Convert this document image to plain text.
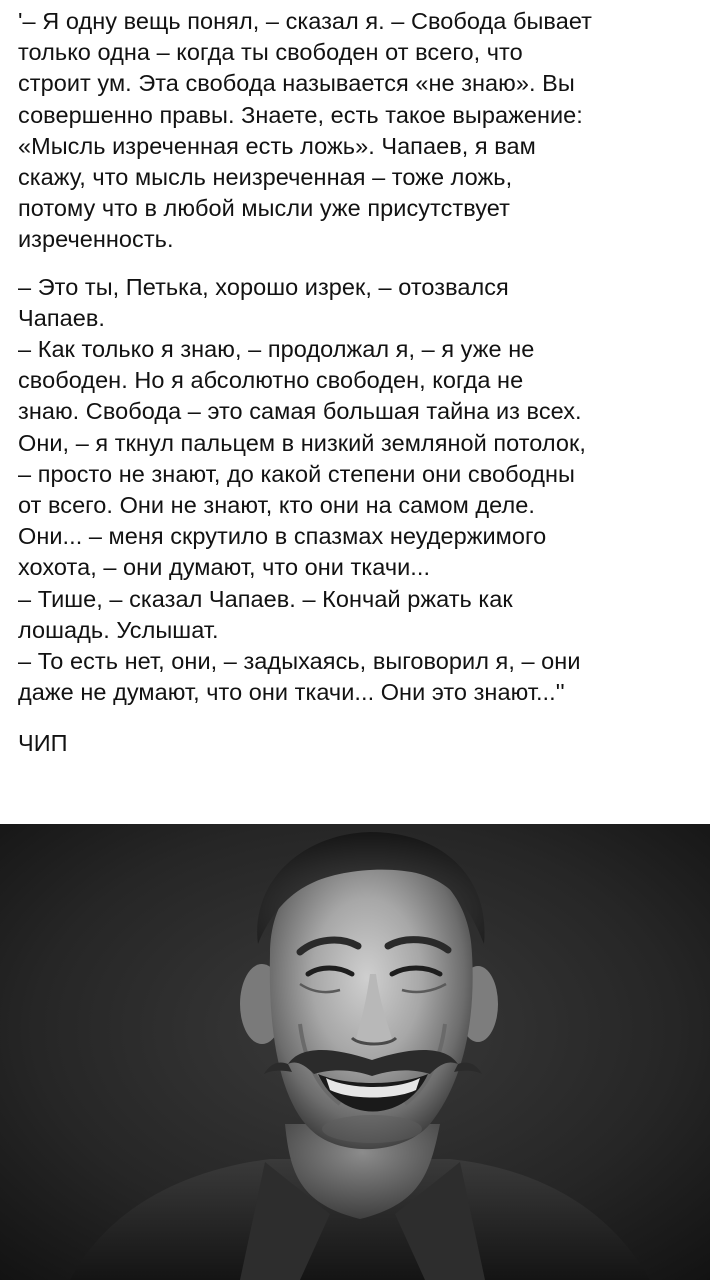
'– Я одну вещь понял, – сказал я. – Свобода бывает
только одна – когда ты свободен от всего, что
строит ум. Эта свобода называется «не знаю». Вы
совершенно правы. Знаете, есть такое выражение:
«Мысль изреченная есть ложь». Чапаев, я вам
скажу, что мысль неизреченная – тоже ложь,
потому что в любой мысли уже присутствует
изреченность.
– Это ты, Петька, хорошо изрек, – отозвался
Чапаев.
– Как только я знаю, – продолжал я, – я уже не
свободен. Но я абсолютно свободен, когда не
знаю. Свобода – это самая большая тайна из всех.
Они, – я ткнул пальцем в низкий земляной потолок,
– просто не знают, до какой степени они свободны
от всего. Они не знают, кто они на самом деле.
Они... – меня скрутило в спазмах неудержимого
хохота, – они думают, что они ткачи...
– Тише, – сказал Чапаев. – Кончай ржать как
лошадь. Услышат.
– То есть нет, они, – задыхаясь, выговорил я, – они
даже не думают, что они ткачи... Они это знают...''
ЧИП
